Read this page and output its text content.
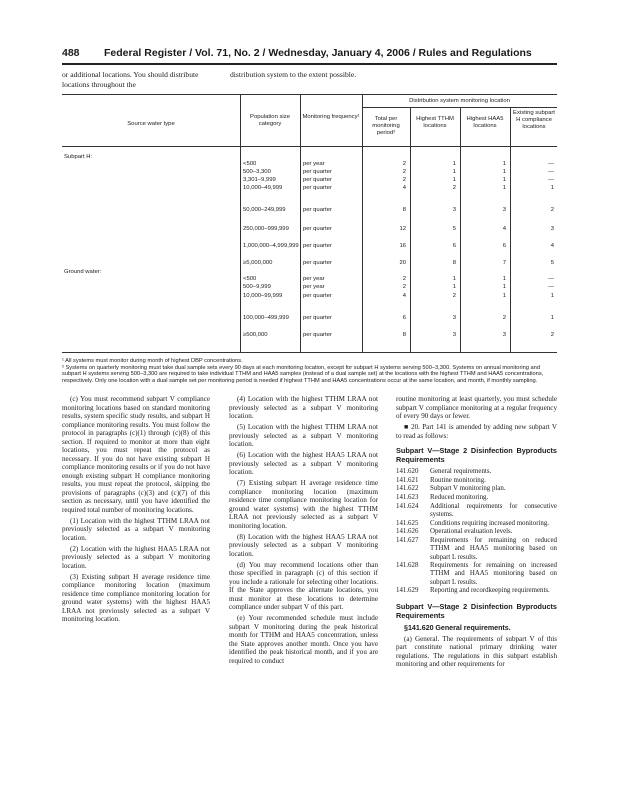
488 Federal Register / Vol. 71, No. 2 / Wednesday, January 4, 2006 / Rules and Regulations
or additional locations. You should distribute locations throughout the
distribution system to the extent possible.
Distribution system monitoring location
Source water type
Population size category
Monitoring frequency¹	Total per monitoring period²
Highest TTHM locations
Highest HAA5 locations
Existing subpart H compliance locations
Subpart H:
<500	per year	2	1	1	—
500–3,300	per quarter	2	1	1	—
3,301–9,999	per quarter	2	1	1	—
10,000–49,999	per quarter	4	2	1	1
50,000–249,999	per quarter	8	3	3	2
250,000–999,999 per quarter	12	5	4	3
1,000,000–4,999,999 per quarter	16	6	6	4
≥5,000,000	per quarter	20	8	7	5
Ground water:
<500	per year	2	1	1	—
500–9,999	per year	2	1	1	—
10,000–99,999	per quarter	4	2	1	1
100,000–499,999 per quarter	6	3	2	1
≥500,000	per quarter	8	3	3	2

¹ All systems must monitor during month of highest DBP concentrations.

² Systems on quarterly monitoring must take dual sample sets every 90 days at each monitoring location, except for subpart H systems serving 500–3,300. Systems on annual monitoring and subpart H systems serving 500–3,300 are required to take individual TTHM and HAA5 samples (instead of a dual sample set) at the locations with the highest TTHM and HAA5 concentrations, respectively. Only one location with a dual sample set per monitoring period is needed if highest TTHM and HAA5 concentrations occur at the same location, and month, if monthly sampling.

(c) You must recommend subpart V compliance monitoring locations based on standard monitoring results, system specific study results, and subpart H compliance monitoring results. You must follow the protocol in paragraphs (c)(1) through (c)(8) of this section. If required to monitor at more than eight locations, you must repeat the protocol as necessary. If you do not have existing subpart H compliance monitoring results or if you do not have enough existing subpart H compliance monitoring results, you must repeat the protocol, skipping the provisions of paragraphs (c)(3) and (c)(7) of this section as necessary, until you have identified the required total number of monitoring locations.

(1) Location with the highest TTHM LRAA not previously selected as a subpart V monitoring location.

(2) Location with the highest HAA5 LRAA not previously selected as a subpart V monitoring location.

(3) Existing subpart H average residence time compliance monitoring location (maximum residence time compliance monitoring location for ground water systems) with the highest HAA5 LRAA not previously selected as a subpart V monitoring location.

(4) Location with the highest TTHM LRAA not previously selected as a subpart V monitoring location.

(5) Location with the highest TTHM LRAA not previously selected as a subpart V monitoring location.

(6) Location with the highest HAA5 LRAA not previously selected as a subpart V monitoring location.

(7) Existing subpart H average residence time compliance monitoring location (maximum residence time compliance monitoring location for ground water systems) with the highest TTHM LRAA not previously selected as a subpart V monitoring location.

(8) Location with the highest HAA5 LRAA not previously selected as a subpart V monitoring location.

(d) You may recommend locations other than those specified in paragraph (c) of this section if you include a rationale for selecting other locations. If the State approves the alternate locations, you must monitor at these locations to determine compliance under subpart V of this part.

(e) Your recommended schedule must include subpart V monitoring during the peak historical month for TTHM and HAA5 concentration, unless the State approves another month. Once you have identified the peak historical month, and if you are required to conduct

routine monitoring at least quarterly, you must schedule subpart V compliance monitoring at a regular frequency of every 90 days or fewer.

■ 20. Part 141 is amended by adding new subpart V to read as follows:

Subpart V—Stage 2 Disinfection Byproducts Requirements
141.620	General requirements.
141.621	Routine monitoring.
141.622	Subpart V monitoring plan.
141.623	Reduced monitoring.
141.624	Additional requirements for consecutive systems.
141.625	Conditions requiring increased monitoring.
141.626	Operational evaluation levels.
141.627	Requirements for remaining on reduced TTHM and HAA5 monitoring based on subpart L results.
141.628	Requirements for remaining on increased TTHM and HAA5 monitoring based on subpart L results.
141.629	Reporting and recordkeeping requirements.
Subpart V—Stage 2 Disinfection Byproducts Requirements

§141.620 General requirements.

(a) General. The requirements of subpart V of this part constitute national primary drinking water regulations. The regulations in this subpart establish monitoring and other requirements for
